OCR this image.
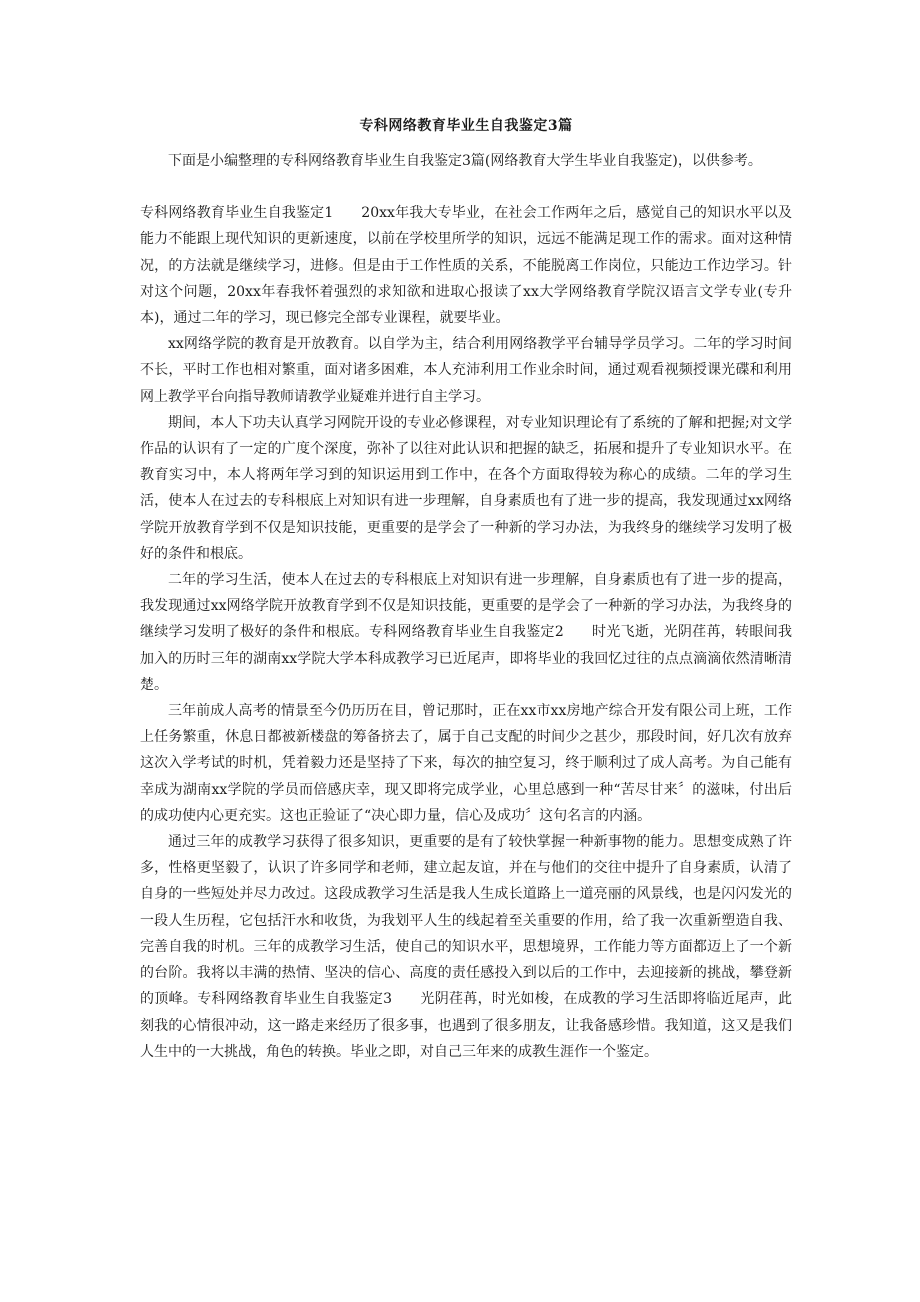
专科网络教育毕业生自我鉴定3篇

下面是小编整理的专科网络教育毕业生自我鉴定3篇(网络教育大学生毕业自我鉴定)，以供参考。

专科网络教育毕业生自我鉴定1 20xx年我大专毕业，在社会工作两年之后，感觉自己的知识水平以及能力不能跟上现代知识的更新速度，以前在学校里所学的知识，远远不能满足现工作的需求。面对这种情况，的方法就是继续学习，进修。但是由于工作性质的关系，不能脱离工作岗位，只能边工作边学习。针对这个问题，20xx年春我怀着强烈的求知欲和进取心报读了xx大学网络教育学院汉语言文学专业(专升本)，通过二年的学习，现已修完全部专业课程，就要毕业。

xx网络学院的教育是开放教育。以自学为主，结合利用网络教学平台辅导学员学习。二年的学习时间不长，平时工作也相对繁重，面对诸多困难，本人充沛利用工作业余时间，通过观看视频授课光碟和利用网上教学平台向指导教师请教学业疑难并进行自主学习。

期间，本人下功夫认真学习网院开设的专业必修课程，对专业知识理论有了系统的了解和把握;对文学作品的认识有了一定的广度个深度，弥补了以往对此认识和把握的缺乏，拓展和提升了专业知识水平。在教育实习中，本人将两年学习到的知识运用到工作中，在各个方面取得较为称心的成绩。二年的学习生活，使本人在过去的专科根底上对知识有进一步理解，自身素质也有了进一步的提高，我发现通过xx网络学院开放教育学到不仅是知识技能，更重要的是学会了一种新的学习办法，为我终身的继续学习发明了极好的条件和根底。

二年的学习生活，使本人在过去的专科根底上对知识有进一步理解，自身素质也有了进一步的提高，我发现通过xx网络学院开放教育学到不仅是知识技能，更重要的是学会了一种新的学习办法，为我终身的继续学习发明了极好的条件和根底。专科网络教育毕业生自我鉴定2 时光飞逝，光阴荏苒，转眼间我加入的历时三年的湖南xx学院大学本科成教学习已近尾声，即将毕业的我回忆过往的点点滴滴依然清晰清楚。

三年前成人高考的情景至今仍历历在目，曾记那时，正在xx市xx房地产综合开发有限公司上班，工作上任务繁重，休息日都被新楼盘的筹备挤去了，属于自己支配的时间少之甚少，那段时间，好几次有放弃这次入学考试的时机，凭着毅力还是坚持了下来，每次的抽空复习，终于顺利过了成人高考。为自己能有幸成为湖南xx学院的学员而倍感庆幸，现又即将完成学业，心里总感到一种“苦尽甘来〞的滋味，付出后的成功使内心更充实。这也正验证了“决心即力量，信心及成功〞这句名言的内涵。

通过三年的成教学习获得了很多知识，更重要的是有了较快掌握一种新事物的能力。思想变成熟了许多，性格更坚毅了，认识了许多同学和老师，建立起友谊，并在与他们的交往中提升了自身素质，认清了自身的一些短处并尽力改过。这段成教学习生活是我人生成长道路上一道亮丽的风景线，也是闪闪发光的一段人生历程，它包括汗水和收货，为我划平人生的线起着至关重要的作用，给了我一次重新塑造自我、完善自我的时机。三年的成教学习生活，使自己的知识水平，思想境界，工作能力等方面都迈上了一个新的台阶。我将以丰满的热情、坚决的信心、高度的责任感投入到以后的工作中，去迎接新的挑战，攀登新的顶峰。专科网络教育毕业生自我鉴定3 光阴荏苒，时光如梭，在成教的学习生活即将临近尾声，此刻我的心情很冲动，这一路走来经历了很多事，也遇到了很多朋友，让我备感珍惜。我知道，这又是我们人生中的一大挑战，角色的转换。毕业之即，对自己三年来的成教生涯作一个鉴定。
